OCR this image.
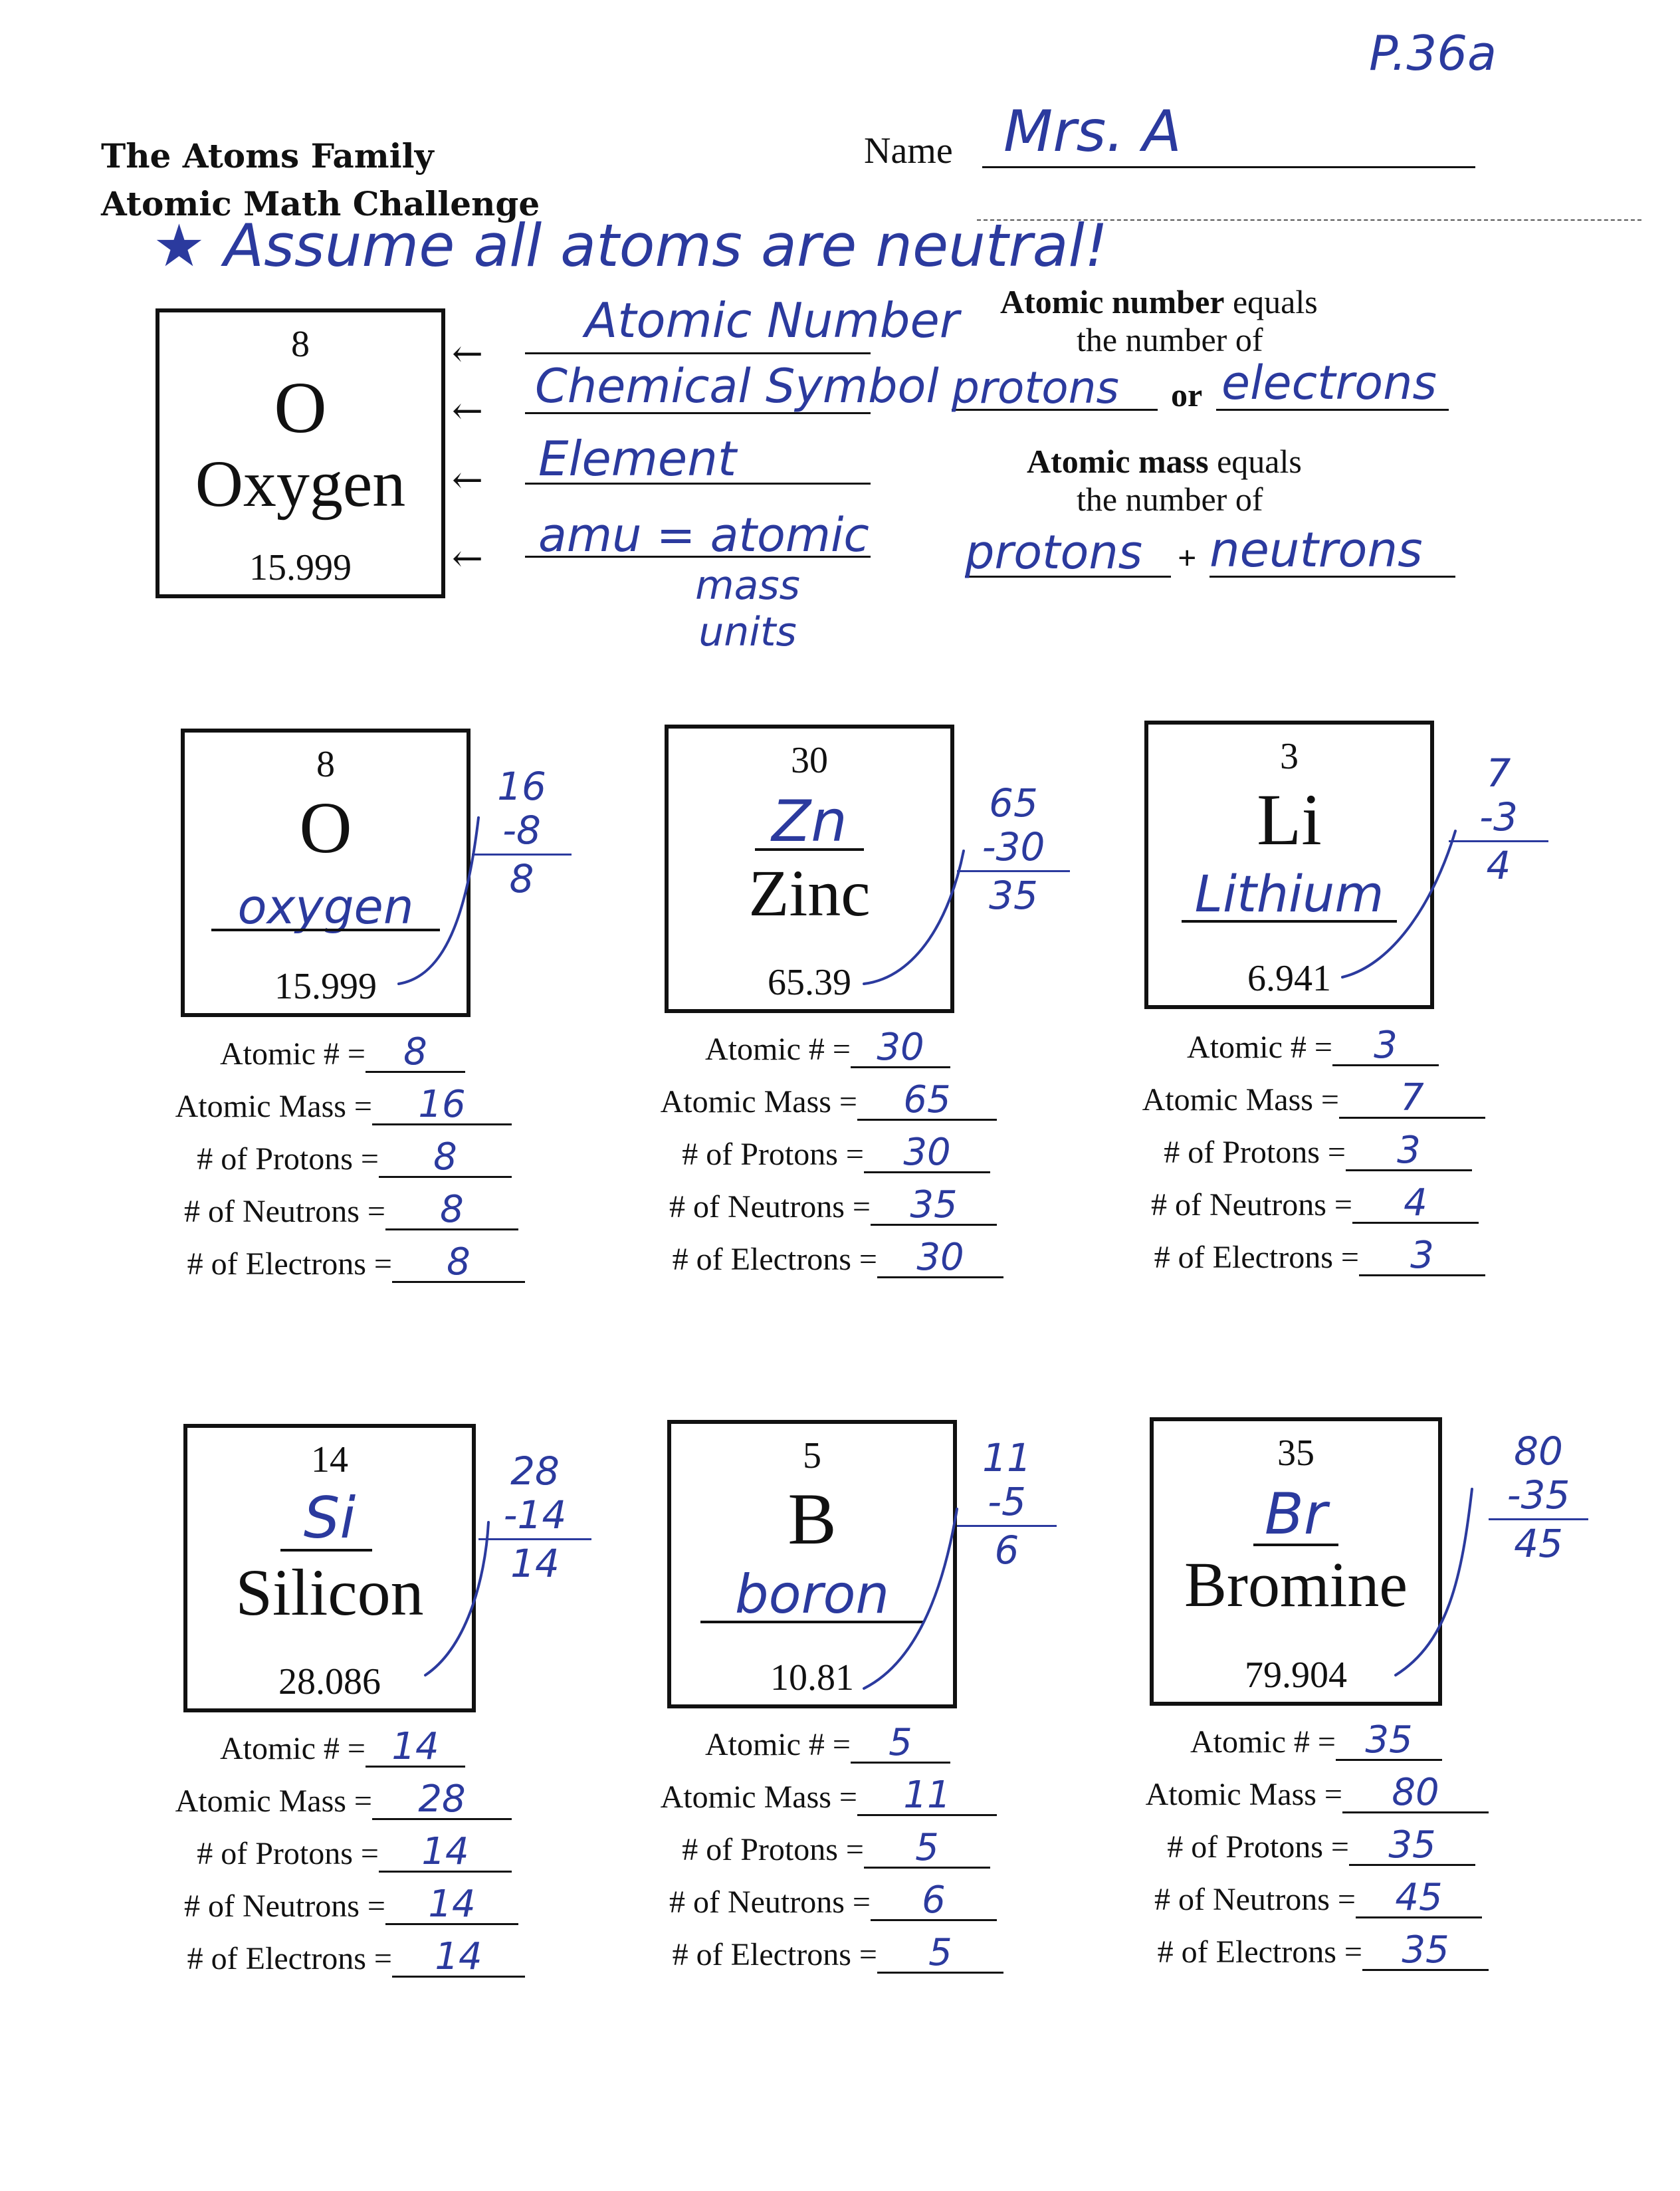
P.36a
The Atoms Family
Atomic Math Challenge
Name Mrs. A
★ Assume all atoms are neutral!
8
O
Oxygen
15.999
←
←
←
←
Atomic Number
Chemical Symbol
Element
amu = atomic
mass units
Atomic number equals
the number of
protons or electrons
Atomic mass equals
the number of
protons + neutrons
8
O
oxygen
15.999
16
-8
8
30
Zn
Zinc
65.39
65
-30
35
3
Li
Lithium
6.941
7
-3
4
Atomic # = 8
Atomic Mass = 16
# of Protons = 8
# of Neutrons = 8
# of Electrons = 8
Atomic # = 30
Atomic Mass = 65
# of Protons = 30
# of Neutrons = 35
# of Electrons = 30
Atomic # = 3
Atomic Mass = 7
# of Protons = 3
# of Neutrons = 4
# of Electrons = 3
14
Si
Silicon
28.086
28
-14
14
5
B
boron
10.81
11
-5
6
35
Br
Bromine
79.904
80
-35
45
Atomic # = 14
Atomic Mass = 28
# of Protons = 14
# of Neutrons = 14
# of Electrons = 14
Atomic # = 5
Atomic Mass = 11
# of Protons = 5
# of Neutrons = 6
# of Electrons = 5
Atomic # = 35
Atomic Mass = 80
# of Protons = 35
# of Neutrons = 45
# of Electrons = 35
